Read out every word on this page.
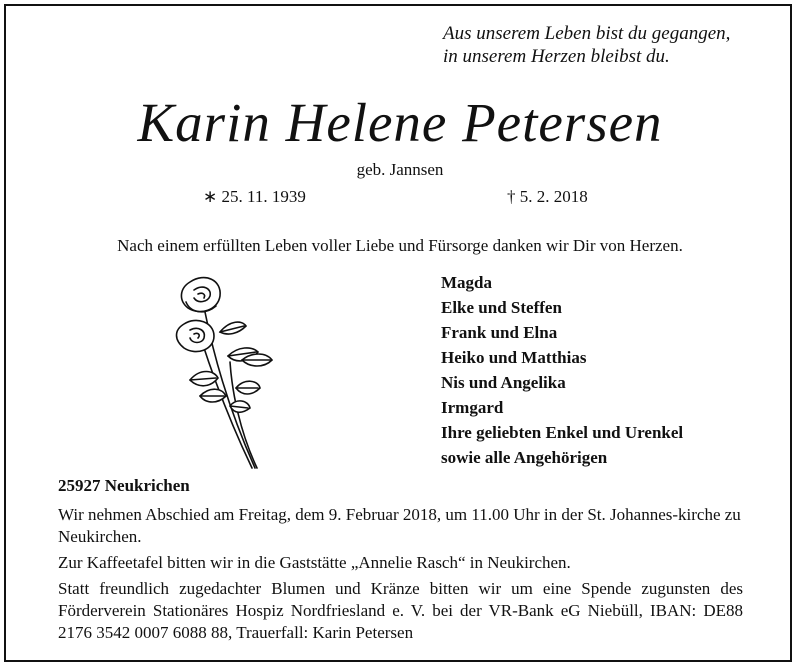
Aus unserem Leben bist du gegangen,
in unserem Herzen bleibst du.
Karin Helene Petersen
geb. Jannsen
∗ 25. 11. 1939	† 5. 2. 2018
Nach einem erfüllten Leben voller Liebe und Fürsorge danken wir Dir von Herzen.
Magda
Elke und Steffen
Frank und Elna
Heiko und Matthias
Nis und Angelika
Irmgard
Ihre geliebten Enkel und Urenkel
sowie alle Angehörigen
25927 Neukrichen
Wir nehmen Abschied am Freitag, dem 9. Februar 2018, um 11.00 Uhr in der St. Johannes-kirche zu Neukirchen.
Zur Kaffeetafel bitten wir in die Gaststätte „Annelie Rasch“ in Neukirchen.
Statt freundlich zugedachter Blumen und Kränze bitten wir um eine Spende zugunsten des Förderverein Stationäres Hospiz Nordfriesland e. V. bei der VR-Bank eG Niebüll, IBAN: DE88 2176 3542 0007 6088 88, Trauerfall: Karin Petersen
